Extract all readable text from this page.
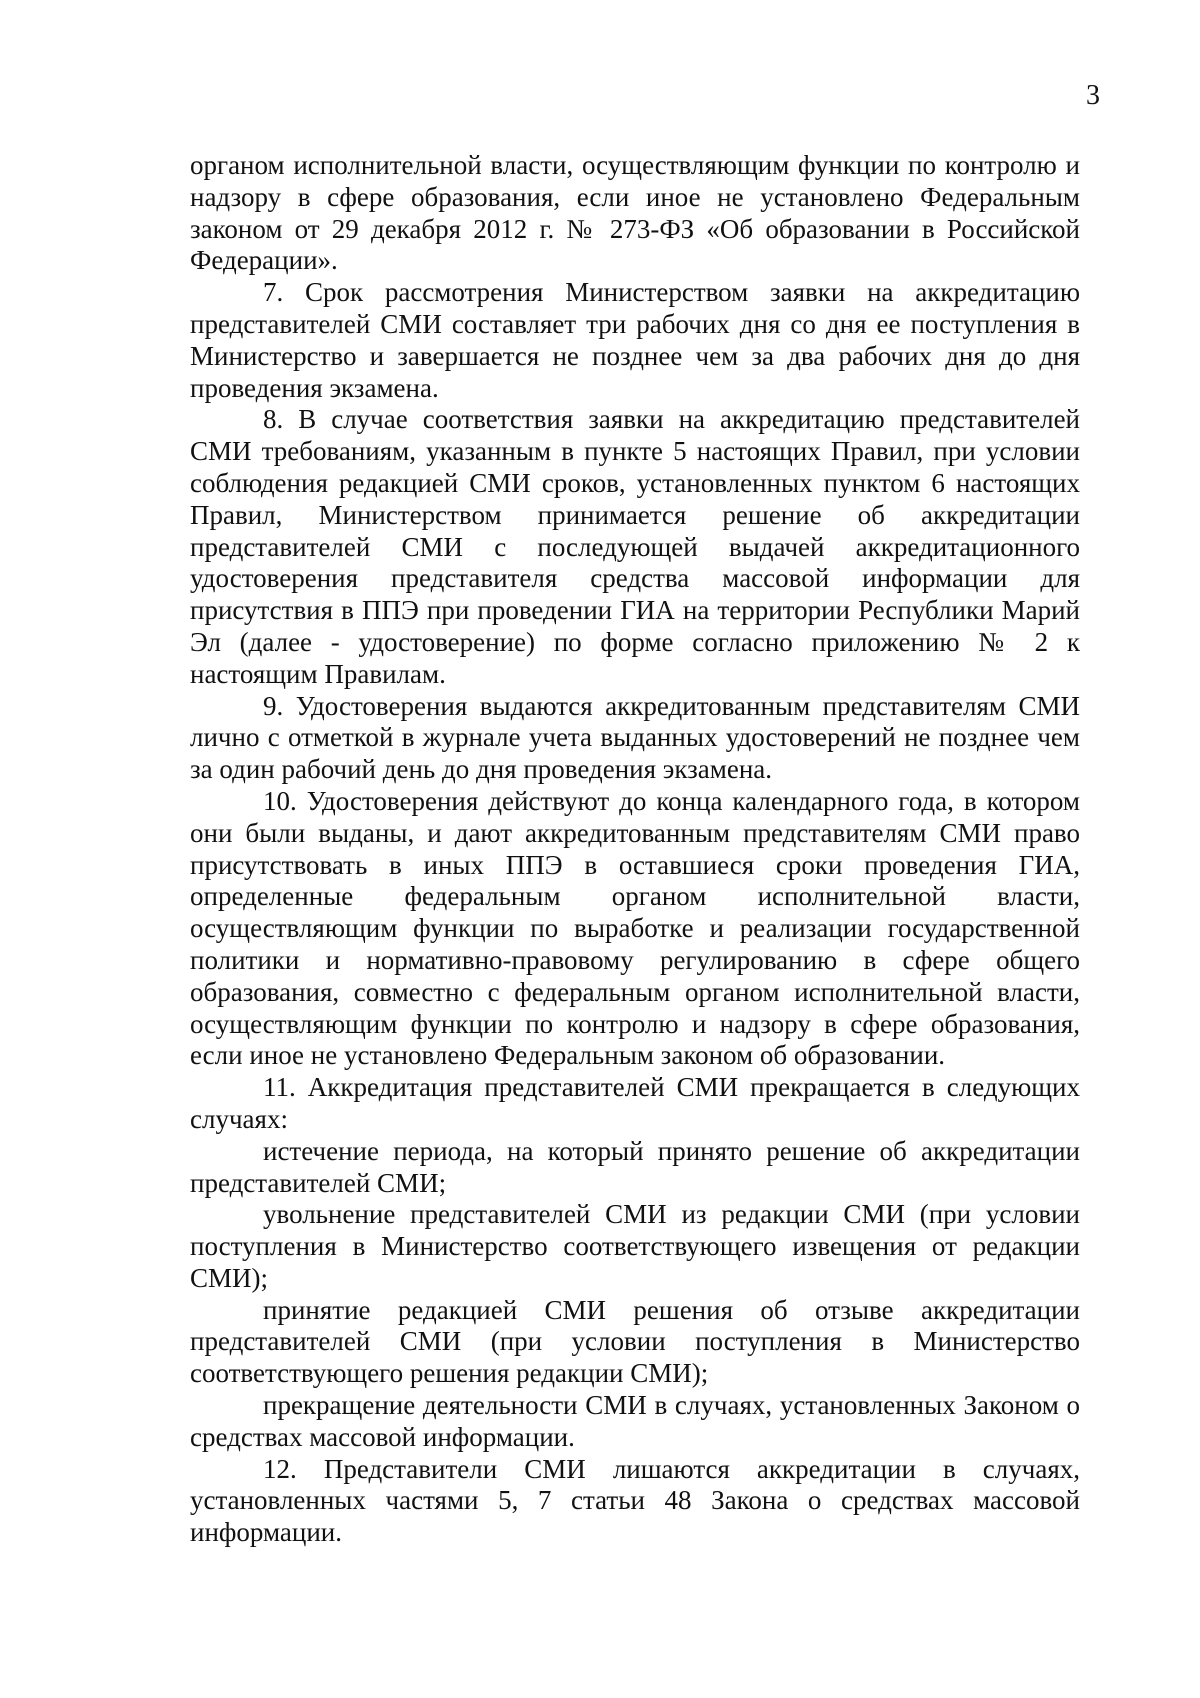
3

органом исполнительной власти, осуществляющим функции по контролю и надзору в сфере образования, если иное не установлено Федеральным законом от 29 декабря 2012 г. № 273-ФЗ «Об образовании в Российской Федерации».

7. Срок рассмотрения Министерством заявки на аккредитацию представителей СМИ составляет три рабочих дня со дня ее поступления в Министерство и завершается не позднее чем за два рабочих дня до дня проведения экзамена.

8. В случае соответствия заявки на аккредитацию представителей СМИ требованиям, указанным в пункте 5 настоящих Правил, при условии соблюдения редакцией СМИ сроков, установленных пунктом 6 настоящих Правил, Министерством принимается решение об аккредитации представителей СМИ с последующей выдачей аккредитационного удостоверения представителя средства массовой информации для присутствия в ППЭ при проведении ГИА на территории Республики Марий Эл (далее - удостоверение) по форме согласно приложению № 2 к настоящим Правилам.

9. Удостоверения выдаются аккредитованным представителям СМИ лично с отметкой в журнале учета выданных удостоверений не позднее чем за один рабочий день до дня проведения экзамена.

10. Удостоверения действуют до конца календарного года, в котором они были выданы, и дают аккредитованным представителям СМИ право присутствовать в иных ППЭ в оставшиеся сроки проведения ГИА, определенные федеральным органом исполнительной власти, осуществляющим функции по выработке и реализации государственной политики и нормативно-правовому регулированию в сфере общего образования, совместно с федеральным органом исполнительной власти, осуществляющим функции по контролю и надзору в сфере образования, если иное не установлено Федеральным законом об образовании.

11. Аккредитация представителей СМИ прекращается в следующих случаях:

истечение периода, на который принято решение об аккредитации представителей СМИ;

увольнение представителей СМИ из редакции СМИ (при условии поступления в Министерство соответствующего извещения от редакции СМИ);

принятие редакцией СМИ решения об отзыве аккредитации представителей СМИ (при условии поступления в Министерство соответствующего решения редакции СМИ);

прекращение деятельности СМИ в случаях, установленных Законом о средствах массовой информации.

12. Представители СМИ лишаются аккредитации в случаях, установленных частями 5, 7 статьи 48 Закона о средствах массовой информации.
